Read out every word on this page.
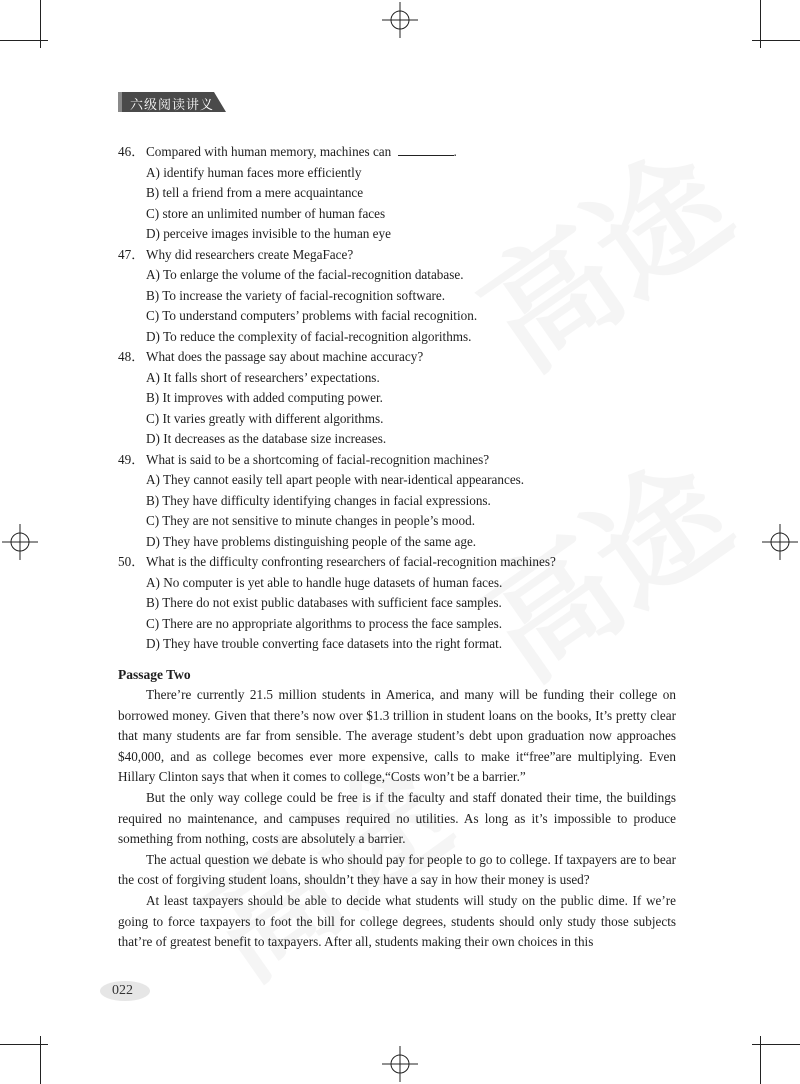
六级阅读讲义
46． Compared with human memory, machines can	.
A) identify human faces more efficiently
B) tell a friend from a mere acquaintance
C) store an unlimited number of human faces
D) perceive images invisible to the human eye
47． Why did researchers create MegaFace?
A) To enlarge the volume of the facial-recognition database.
B) To increase the variety of facial-recognition software.
C) To understand computers’ problems with facial recognition.
D) To reduce the complexity of facial-recognition algorithms.
48． What does the passage say about machine accuracy?
A) It falls short of researchers’ expectations.
B) It improves with added computing power.
C) It varies greatly with different algorithms.
D) It decreases as the database size increases.
49． What is said to be a shortcoming of facial-recognition machines?
A) They cannot easily tell apart people with near-identical appearances.
B) They have difficulty identifying changes in facial expressions.
C) They are not sensitive to minute changes in people’s mood.
D) They have problems distinguishing people of the same age.
50． What is the difficulty confronting researchers of facial-recognition machines?
A) No computer is yet able to handle huge datasets of human faces.
B) There do not exist public databases with sufficient face samples.
C) There are no appropriate algorithms to process the face samples.
D) They have trouble converting face datasets into the right format.
Passage Two

There’re currently 21.5 million students in America, and many will be funding their college on borrowed money. Given that there’s now over $1.3 trillion in student loans on the books, It’s pretty clear that many students are far from sensible. The average student’s debt upon graduation now approaches $40,000, and as college becomes ever more expensive, calls to make it“free”are multiplying. Even Hillary Clinton says that when it comes to college,“Costs won’t be a barrier.”

But the only way college could be free is if the faculty and staff donated their time, the buildings required no maintenance, and campuses required no utilities. As long as it’s impossible to produce something from nothing, costs are absolutely a barrier.

The actual question we debate is who should pay for people to go to college. If taxpayers are to bear the cost of forgiving student loans, shouldn’t they have a say in how their money is used?

At least taxpayers should be able to decide what students will study on the public dime. If we’re going to force taxpayers to foot the bill for college degrees, students should only study those subjects that’re of greatest benefit to taxpayers. After all, students making their own choices in this

022
